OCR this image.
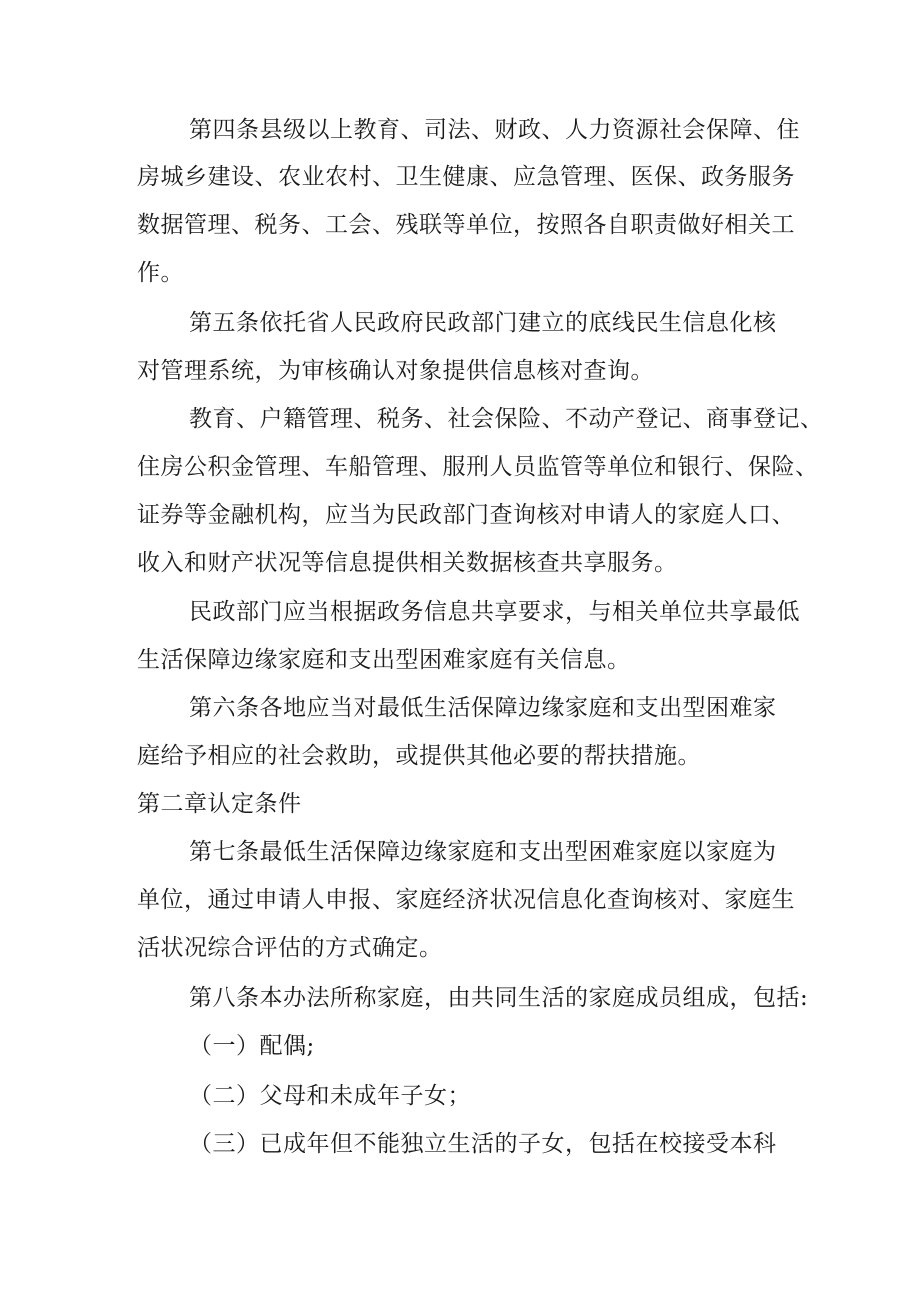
第四条县级以上教育、司法、财政、人力资源社会保障、住
房城乡建设、农业农村、卫生健康、应急管理、医保、政务服务
数据管理、税务、工会、残联等单位，按照各自职责做好相关工
作。
第五条依托省人民政府民政部门建立的底线民生信息化核
对管理系统，为审核确认对象提供信息核对查询。
教育、户籍管理、税务、社会保险、不动产登记、商事登记、
住房公积金管理、车船管理、服刑人员监管等单位和银行、保险、
证券等金融机构，应当为民政部门查询核对申请人的家庭人口、
收入和财产状况等信息提供相关数据核查共享服务。
民政部门应当根据政务信息共享要求，与相关单位共享最低
生活保障边缘家庭和支出型困难家庭有关信息。
第六条各地应当对最低生活保障边缘家庭和支出型困难家
庭给予相应的社会救助，或提供其他必要的帮扶措施。
第二章认定条件
第七条最低生活保障边缘家庭和支出型困难家庭以家庭为
单位，通过申请人申报、家庭经济状况信息化查询核对、家庭生
活状况综合评估的方式确定。
第八条本办法所称家庭，由共同生活的家庭成员组成，包括:
（一）配偶;
（二）父母和未成年子女；
（三）已成年但不能独立生活的子女，包括在校接受本科
